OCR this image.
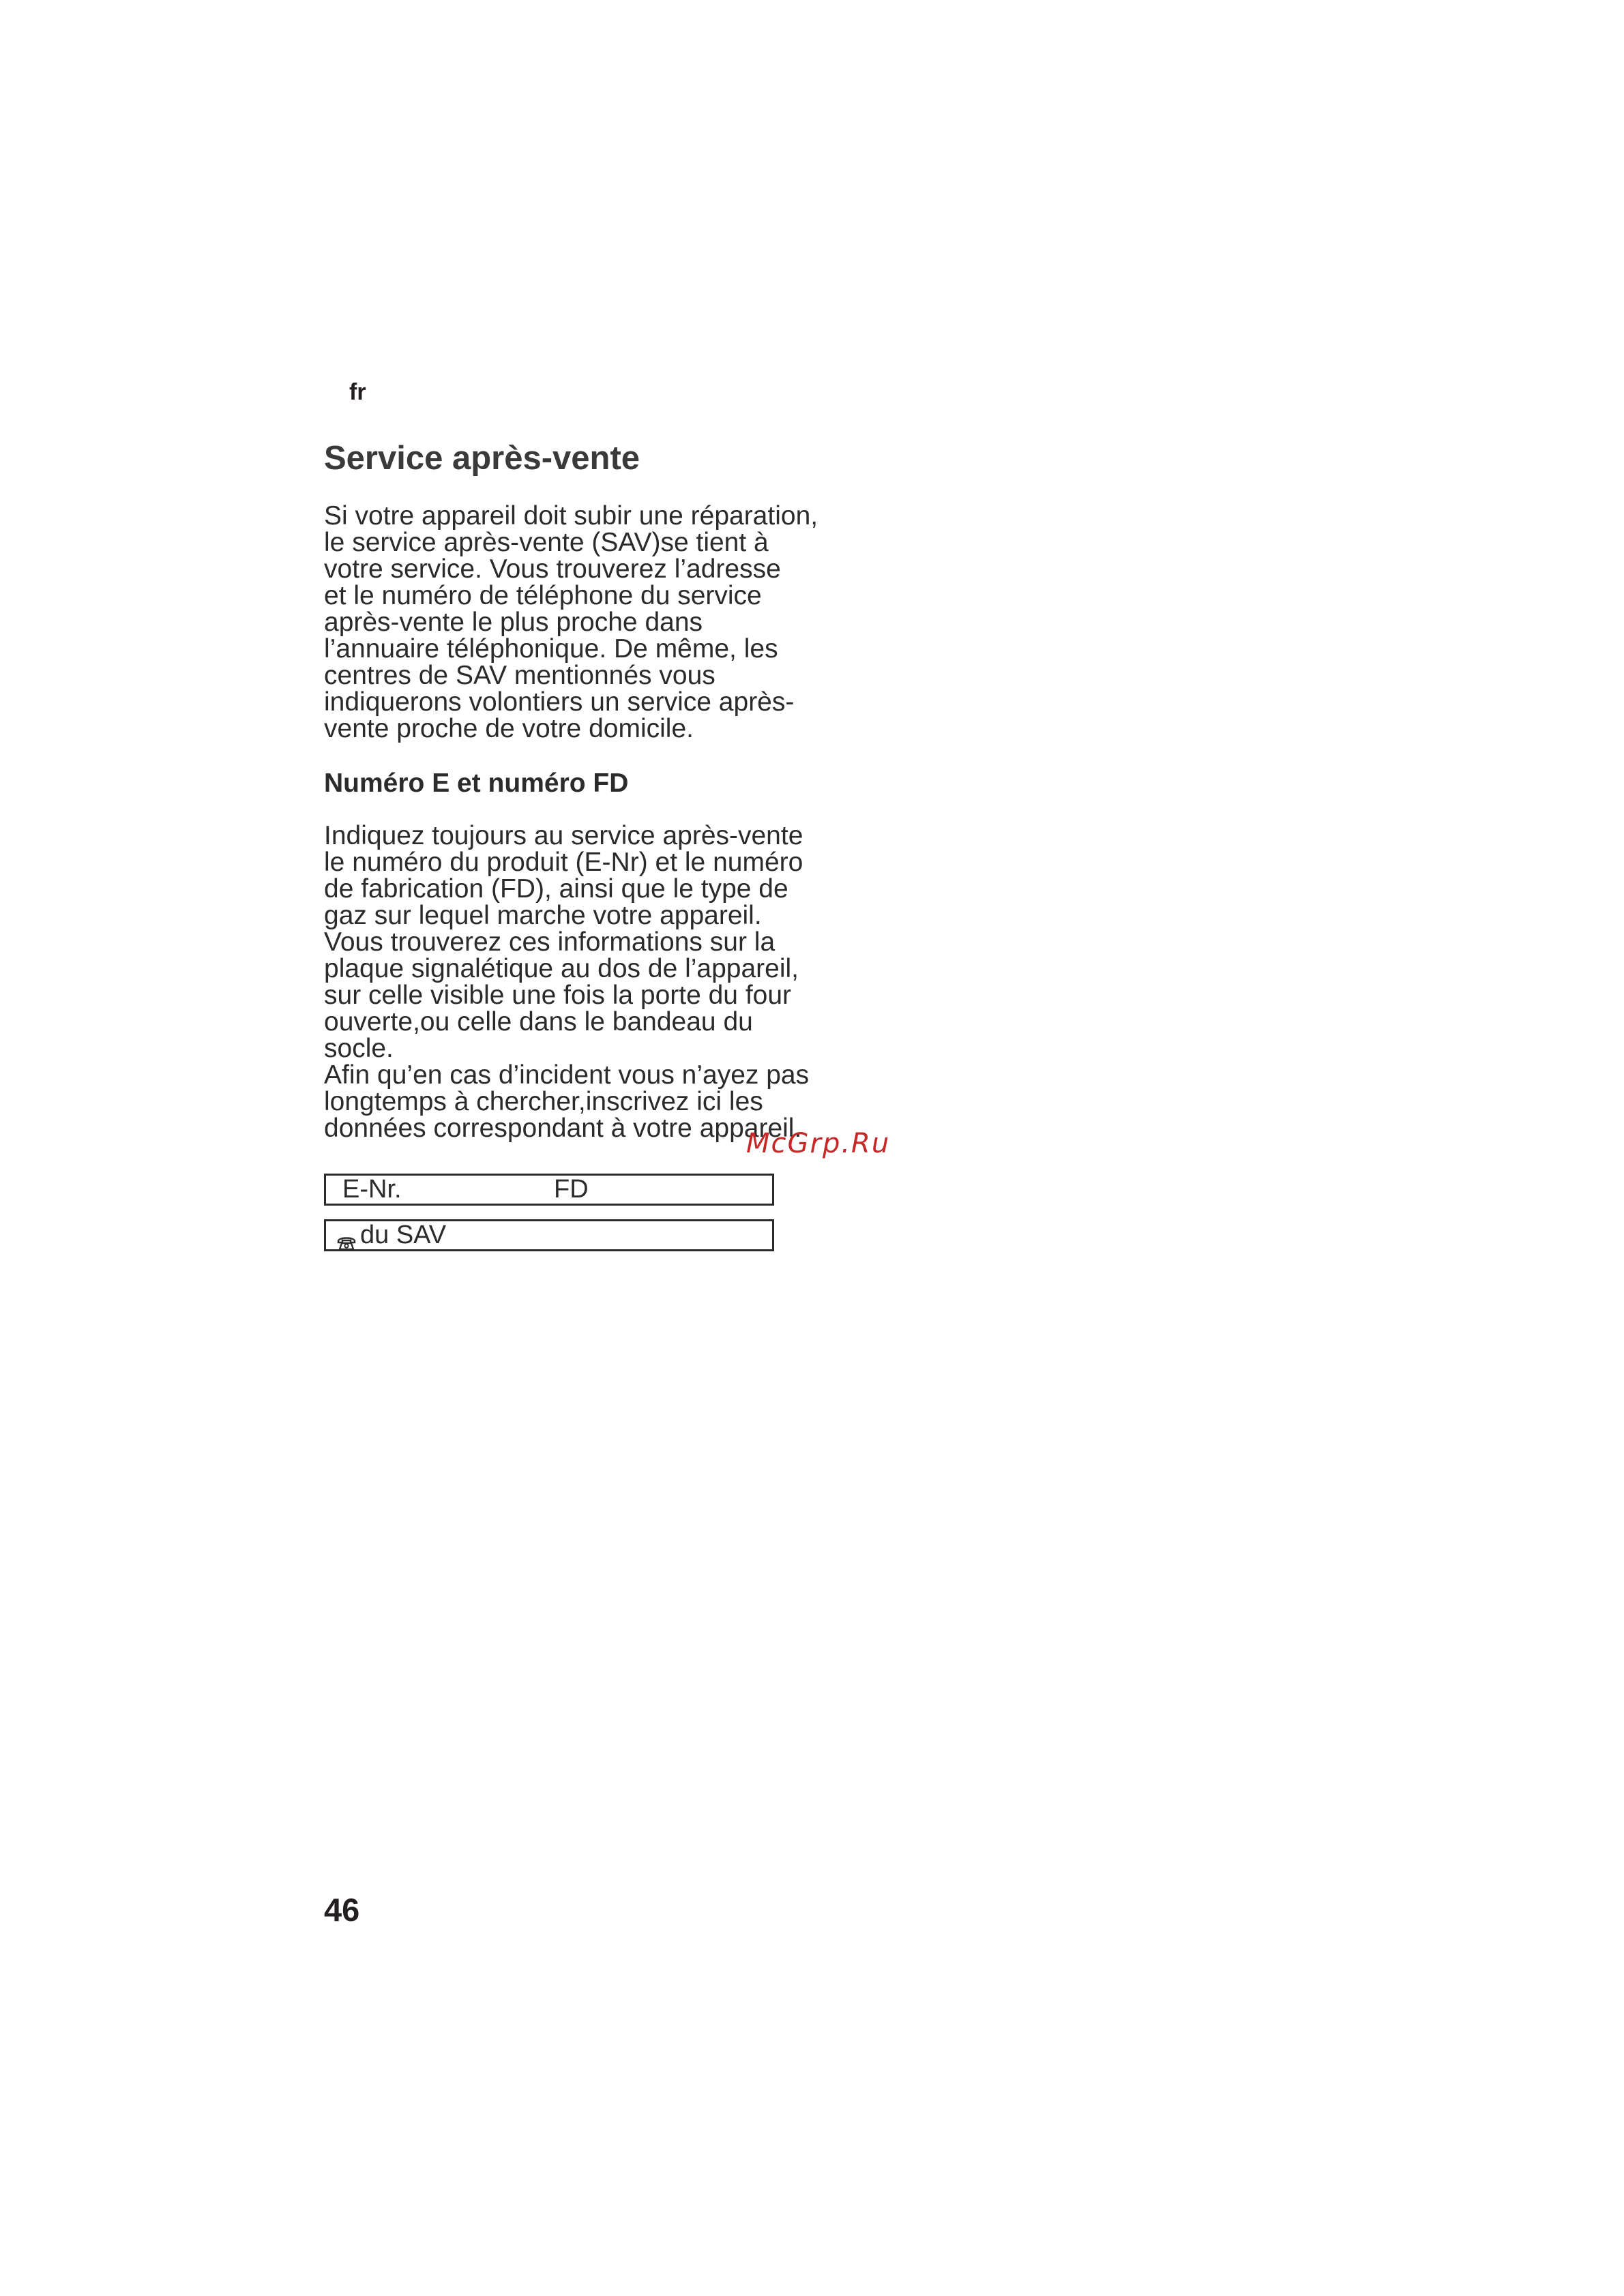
fr
Service après-vente

Si votre appareil doit subir une réparation,
le service après-vente (SAV)se tient à
votre service. Vous trouverez l’adresse
et le numéro de téléphone du service
après-vente le plus proche dans
l’annuaire téléphonique. De même, les
centres de SAV mentionnés vous
indiquerons volontiers un service après-
vente proche de votre domicile.

Numéro E et numéro FD

Indiquez toujours au service après-vente
le numéro du produit (E-Nr) et le numéro
de fabrication (FD), ainsi que le type de
gaz sur lequel marche votre appareil.
Vous trouverez ces informations sur la
plaque signalétique au dos de l’appareil,
sur celle visible une fois la porte du four
ouverte,ou celle dans le bandeau du
socle.
Afin qu’en cas d’incident vous n’ayez pas
longtemps à chercher,inscrivez ici les
données correspondant à votre appareil.

E-Nr.	FD
du SAV
McGrp.Ru
46
